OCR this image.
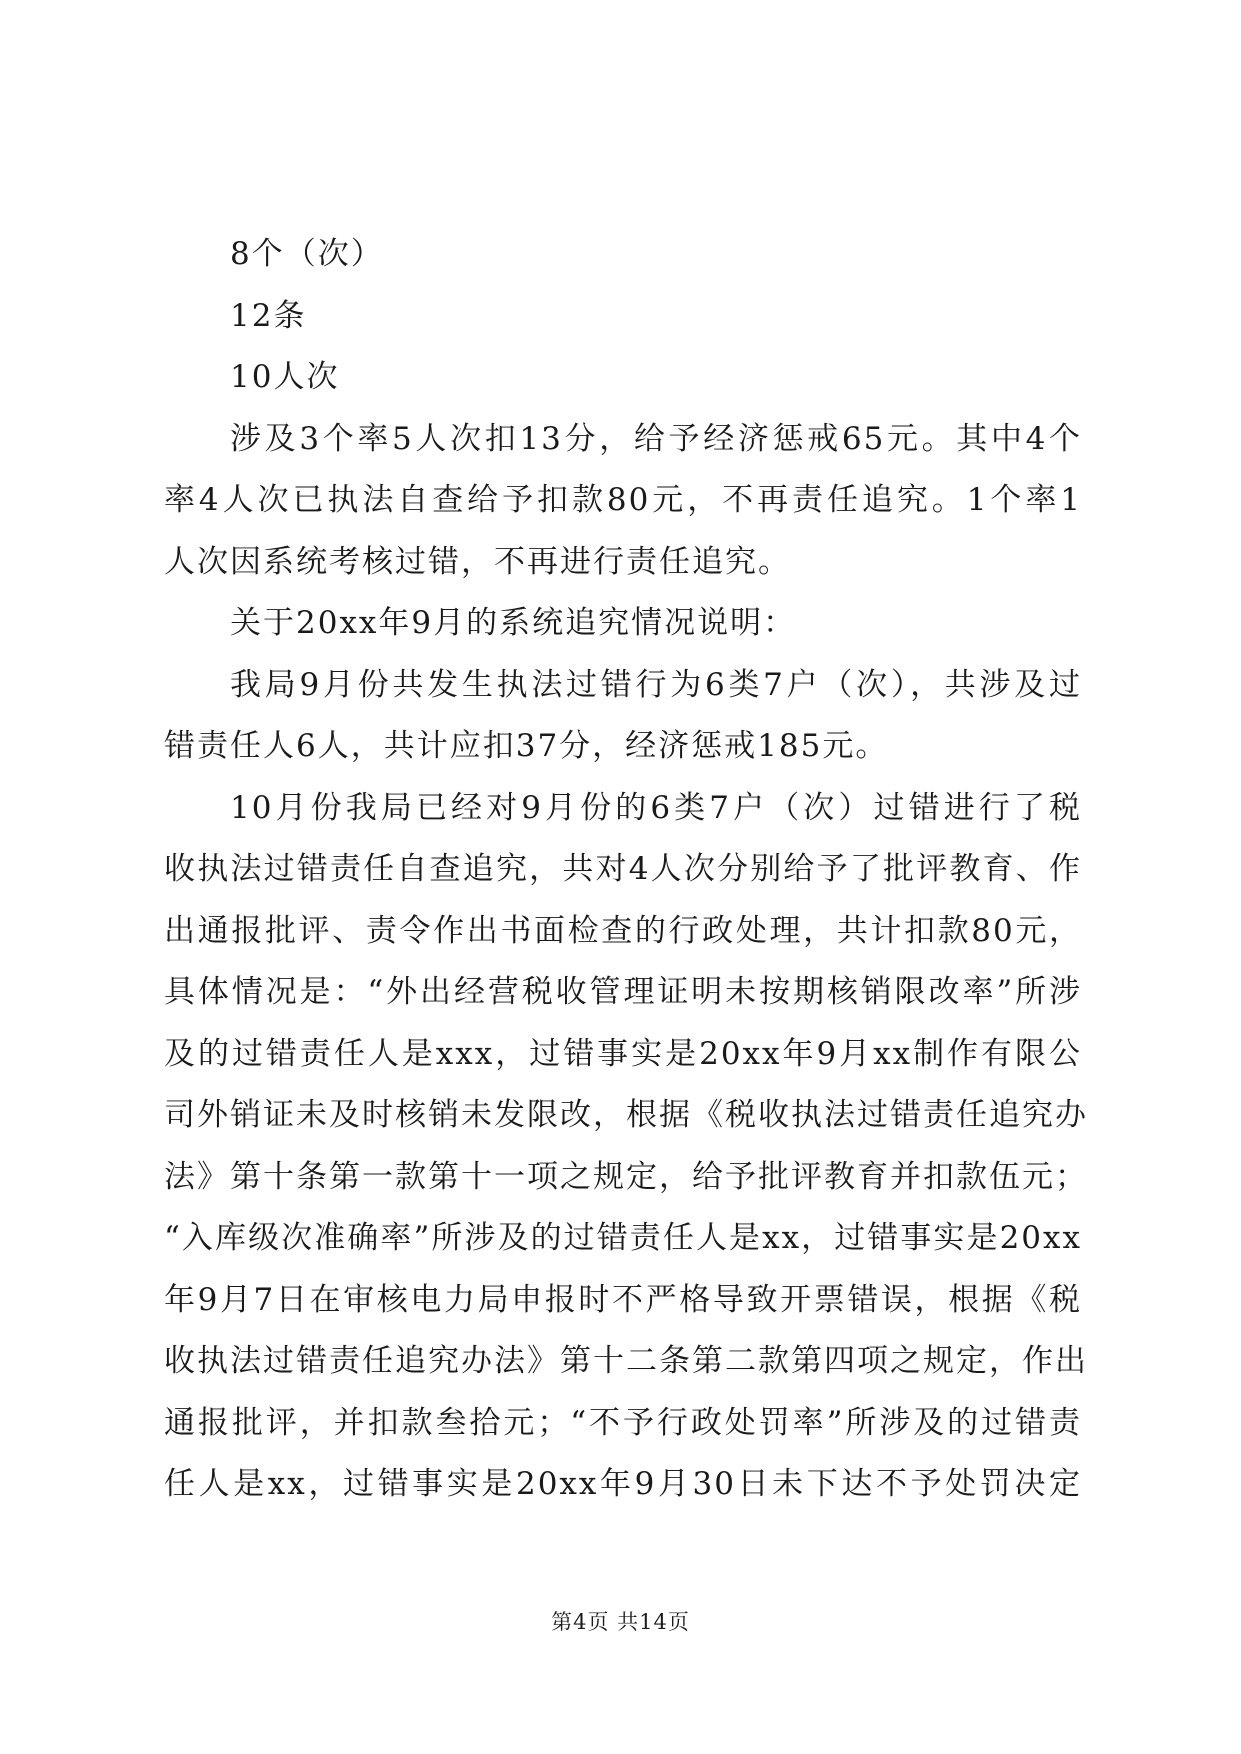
8个（次）
12条
10人次
涉及3个率5人次扣13分，给予经济惩戒65元。其中4个
率4人次已执法自查给予扣款80元，不再责任追究。1个率1
人次因系统考核过错，不再进行责任追究。
关于20xx年9月的系统追究情况说明：
我局9月份共发生执法过错行为6类7户（次），共涉及过
错责任人6人，共计应扣37分，经济惩戒185元。
10月份我局已经对9月份的6类7户（次）过错进行了税
收执法过错责任自查追究，共对4人次分别给予了批评教育、作
出通报批评、责令作出书面检查的行政处理，共计扣款80元，
具体情况是：“外出经营税收管理证明未按期核销限改率”所涉
及的过错责任人是xxx，过错事实是20xx年9月xx制作有限公
司外销证未及时核销未发限改，根据《税收执法过错责任追究办
法》第十条第一款第十一项之规定，给予批评教育并扣款伍元；
“入库级次准确率”所涉及的过错责任人是xx，过错事实是20xx
年9月7日在审核电力局申报时不严格导致开票错误，根据《税
收执法过错责任追究办法》第十二条第二款第四项之规定，作出
通报批评，并扣款叁拾元；“不予行政处罚率”所涉及的过错责
任人是xx，过错事实是20xx年9月30日未下达不予处罚决定
第4页 共14页
